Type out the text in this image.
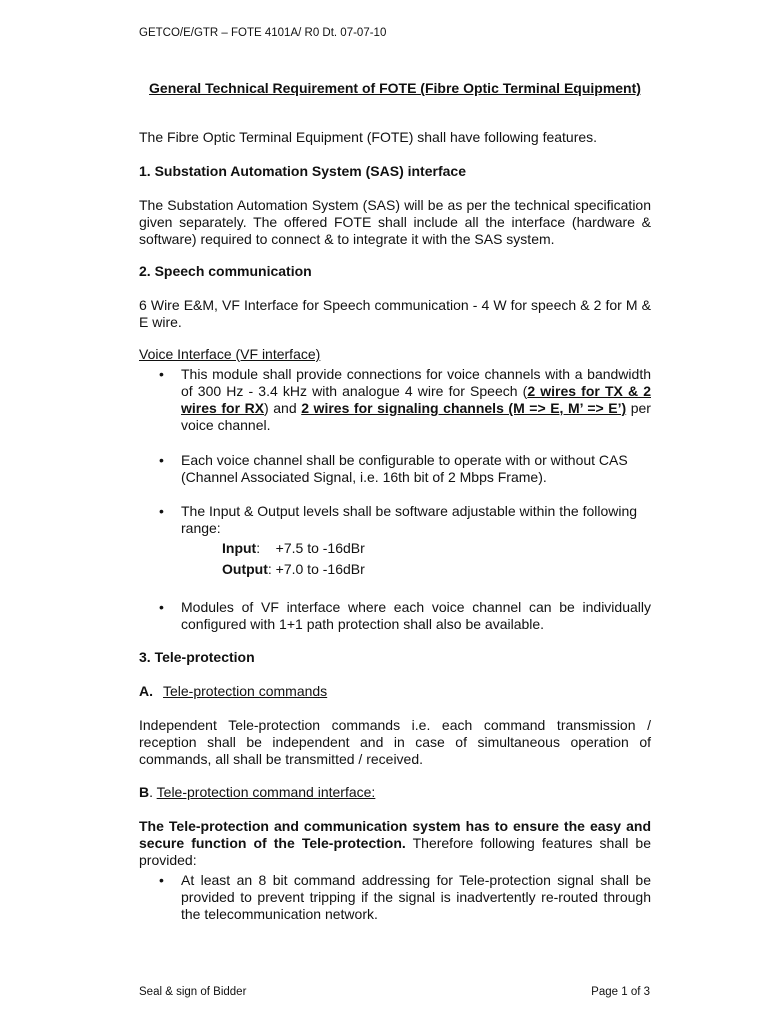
GETCO/E/GTR – FOTE 4101A/ R0 Dt. 07-07-10
General Technical Requirement of FOTE (Fibre Optic Terminal Equipment)
The Fibre Optic Terminal Equipment (FOTE) shall have following features.
1. Substation Automation System (SAS) interface
The Substation Automation System (SAS) will be as per the technical specification given separately. The offered FOTE shall include all the interface (hardware & software) required to connect & to integrate it with the SAS system.
2. Speech communication
6 Wire E&M, VF Interface for Speech communication - 4 W for speech & 2 for M & E wire.
Voice Interface (VF interface)
• This module shall provide connections for voice channels with a bandwidth of 300 Hz - 3.4 kHz with analogue 4 wire for Speech (2 wires for TX & 2 wires for RX) and 2 wires for signaling channels (M => E, M’ => E’) per voice channel.
• Each voice channel shall be configurable to operate with or without CAS (Channel Associated Signal, i.e. 16th bit of 2 Mbps Frame).
• The Input & Output levels shall be software adjustable within the following range:
• Modules of VF interface where each voice channel can be individually configured with 1+1 path protection shall also be available.
Input:    +7.5 to -16dBr
Output: +7.0 to -16dBr
3. Tele-protection
A. Tele-protection commands
Independent Tele-protection commands i.e. each command transmission / reception shall be independent and in case of simultaneous operation of commands, all shall be transmitted / received.
B. Tele-protection command interface:
The Tele-protection and communication system has to ensure the easy and secure function of the Tele-protection. Therefore following features shall be provided:
• At least an 8 bit command addressing for Tele-protection signal shall be provided to prevent tripping if the signal is inadvertently re-routed through the telecommunication network.
Seal & sign of Bidder	Page 1 of 3
